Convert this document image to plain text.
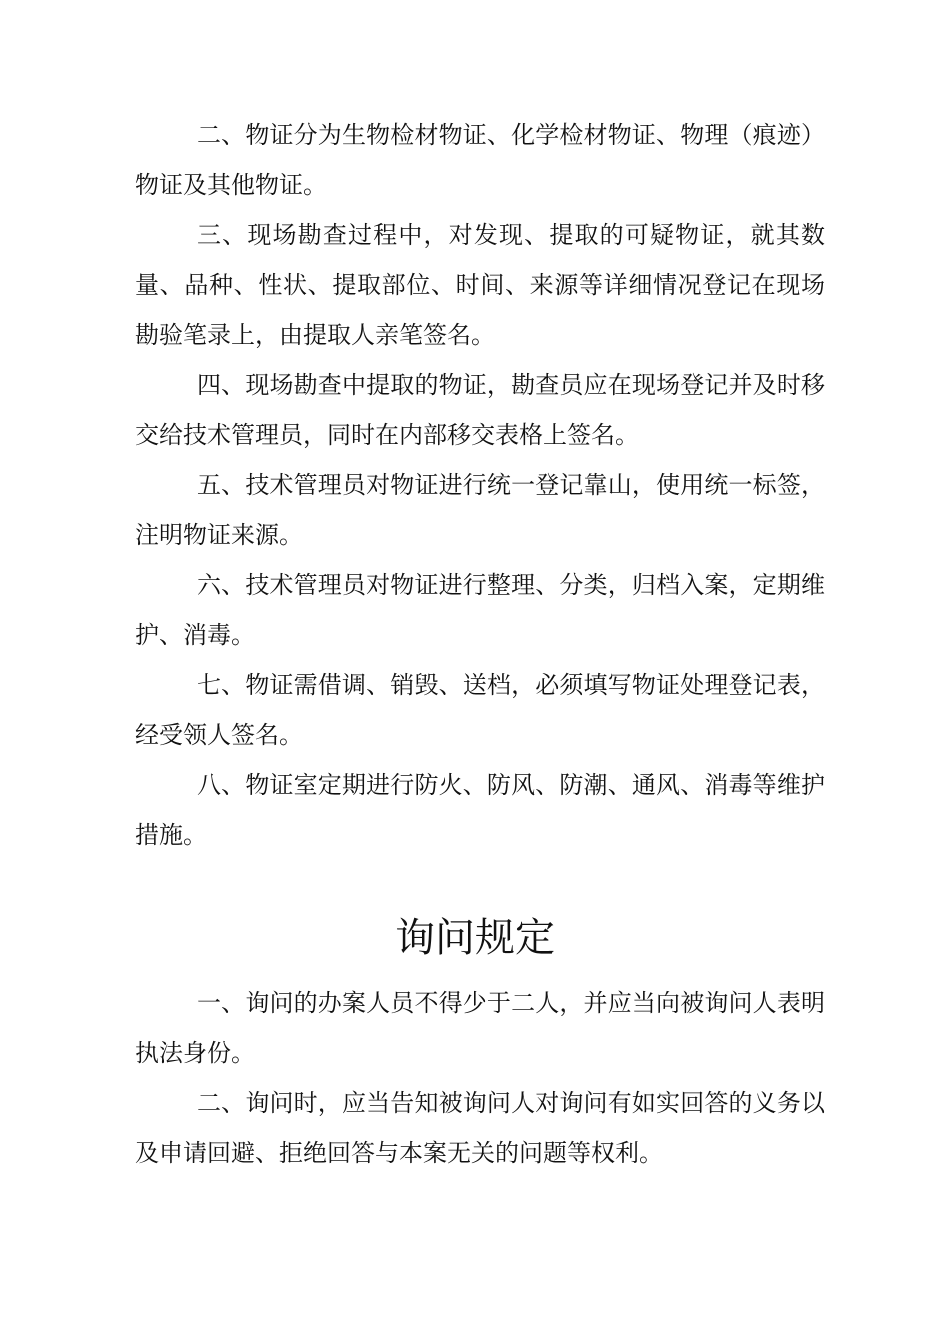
二、物证分为生物检材物证、化学检材物证、物理（痕迹）物证及其他物证。

三、现场勘查过程中，对发现、提取的可疑物证，就其数量、品种、性状、提取部位、时间、来源等详细情况登记在现场勘验笔录上，由提取人亲笔签名。

四、现场勘查中提取的物证，勘查员应在现场登记并及时移交给技术管理员，同时在内部移交表格上签名。

五、技术管理员对物证进行统一登记靠山，使用统一标签，注明物证来源。

六、技术管理员对物证进行整理、分类，归档入案，定期维护、消毒。

七、物证需借调、销毁、送档，必须填写物证处理登记表，经受领人签名。

八、物证室定期进行防火、防风、防潮、通风、消毒等维护措施。

询问规定

一、询问的办案人员不得少于二人，并应当向被询问人表明执法身份。

二、询问时，应当告知被询问人对询问有如实回答的义务以及申请回避、拒绝回答与本案无关的问题等权利。
